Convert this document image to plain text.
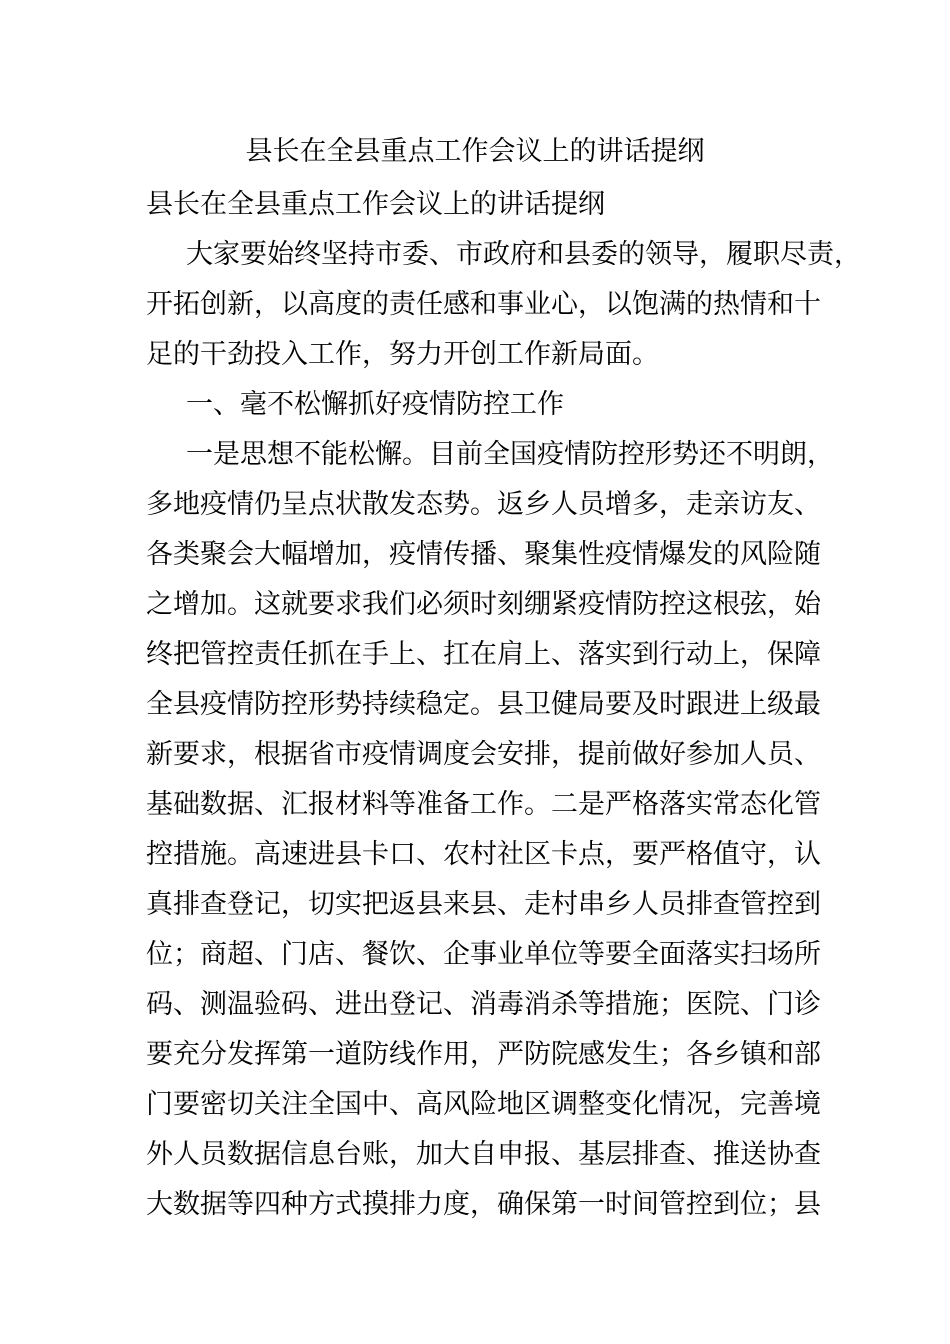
县长在全县重点工作会议上的讲话提纲
县长在全县重点工作会议上的讲话提纲
大家要始终坚持市委、市政府和县委的领导，履职尽责，
开拓创新，以高度的责任感和事业心，以饱满的热情和十
足的干劲投入工作，努力开创工作新局面。
一、毫不松懈抓好疫情防控工作
一是思想不能松懈。目前全国疫情防控形势还不明朗，
多地疫情仍呈点状散发态势。返乡人员增多，走亲访友、
各类聚会大幅增加，疫情传播、聚集性疫情爆发的风险随
之增加。这就要求我们必须时刻绷紧疫情防控这根弦，始
终把管控责任抓在手上、扛在肩上、落实到行动上，保障
全县疫情防控形势持续稳定。县卫健局要及时跟进上级最
新要求，根据省市疫情调度会安排，提前做好参加人员、
基础数据、汇报材料等准备工作。二是严格落实常态化管
控措施。高速进县卡口、农村社区卡点，要严格值守，认
真排查登记，切实把返县来县、走村串乡人员排查管控到
位；商超、门店、餐饮、企事业单位等要全面落实扫场所
码、测温验码、进出登记、消毒消杀等措施；医院、门诊
要充分发挥第一道防线作用，严防院感发生；各乡镇和部
门要密切关注全国中、高风险地区调整变化情况，完善境
外人员数据信息台账，加大自申报、基层排查、推送协查
大数据等四种方式摸排力度，确保第一时间管控到位；县
